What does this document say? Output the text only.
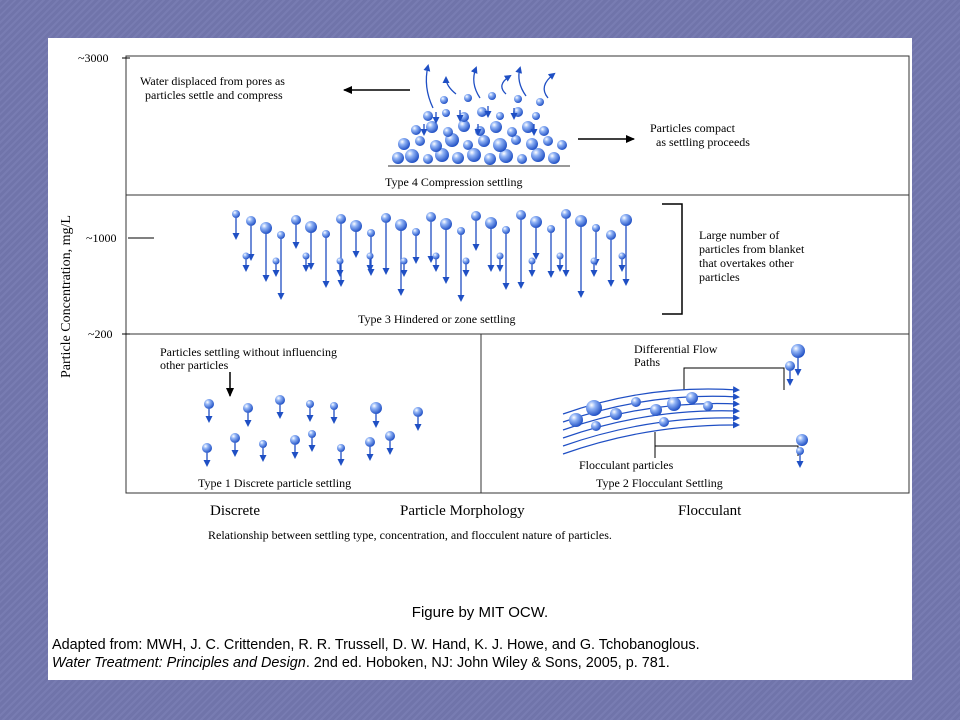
Particle Concentration, mg/L
~3000
~1000
~200
Water displaced from pores as
particles settle and compress
Particles compact
as settling proceeds
Type 4 Compression settling
Large number of
particles from blanket
that overtakes other
particles
Type 3 Hindered or zone settling
Particles settling without influencing
other particles
Type 1 Discrete particle settling
Differential Flow
Paths
Flocculant particles
Type 2 Flocculant Settling
Discrete	Particle Morphology	Flocculant
Relationship between settling type, concentration, and flocculent nature of particles.
Figure by MIT OCW.
Adapted from: MWH, J. C. Crittenden, R. R. Trussell, D. W. Hand, K. J. Howe, and G. Tchobanoglous.
Water Treatment: Principles and Design. 2nd ed. Hoboken, NJ: John Wiley & Sons, 2005, p. 781.
